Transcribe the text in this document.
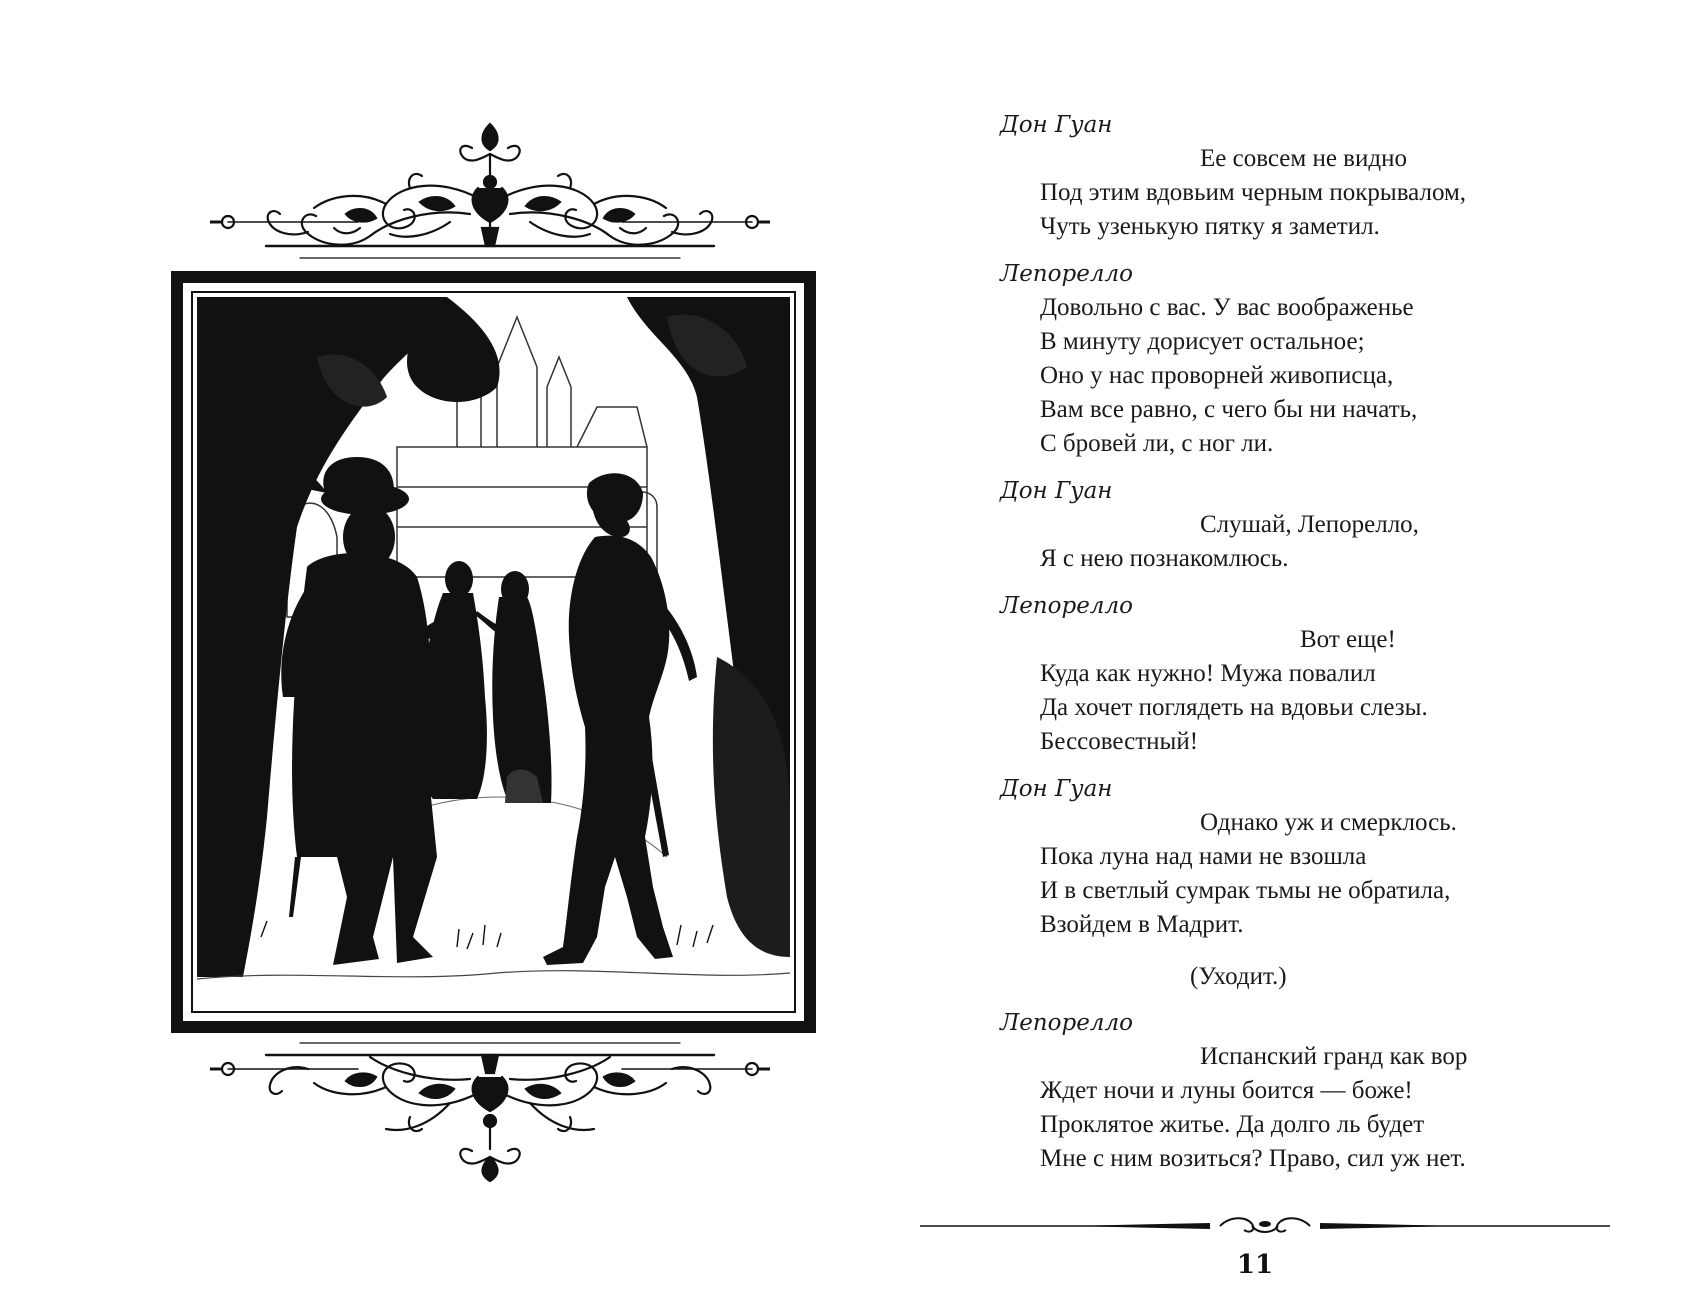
Дон Гуан
Ее совсем не видно
Под этим вдовьим черным покрывалом,
Чуть узенькую пятку я заметил.
Лепорелло
Довольно с вас. У вас воображенье
В минуту дорисует остальное;
Оно у нас проворней живописца,
Вам все равно, с чего бы ни начать,
С бровей ли, с ног ли.
Дон Гуан
Слушай, Лепорелло,
Я с нею познакомлюсь.
Лепорелло
Вот еще!
Куда как нужно! Мужа повалил
Да хочет поглядеть на вдовьи слезы.
Бессовестный!
Дон Гуан
Однако уж и смерклось.
Пока луна над нами не взошла
И в светлый сумрак тьмы не обратила,
Взойдем в Мадрит.
(Уходит.)
Лепорелло
Испанский гранд как вор
Ждет ночи и луны боится — боже!
Проклятое житье. Да долго ль будет
Мне с ним возиться? Право, сил уж нет.
11
